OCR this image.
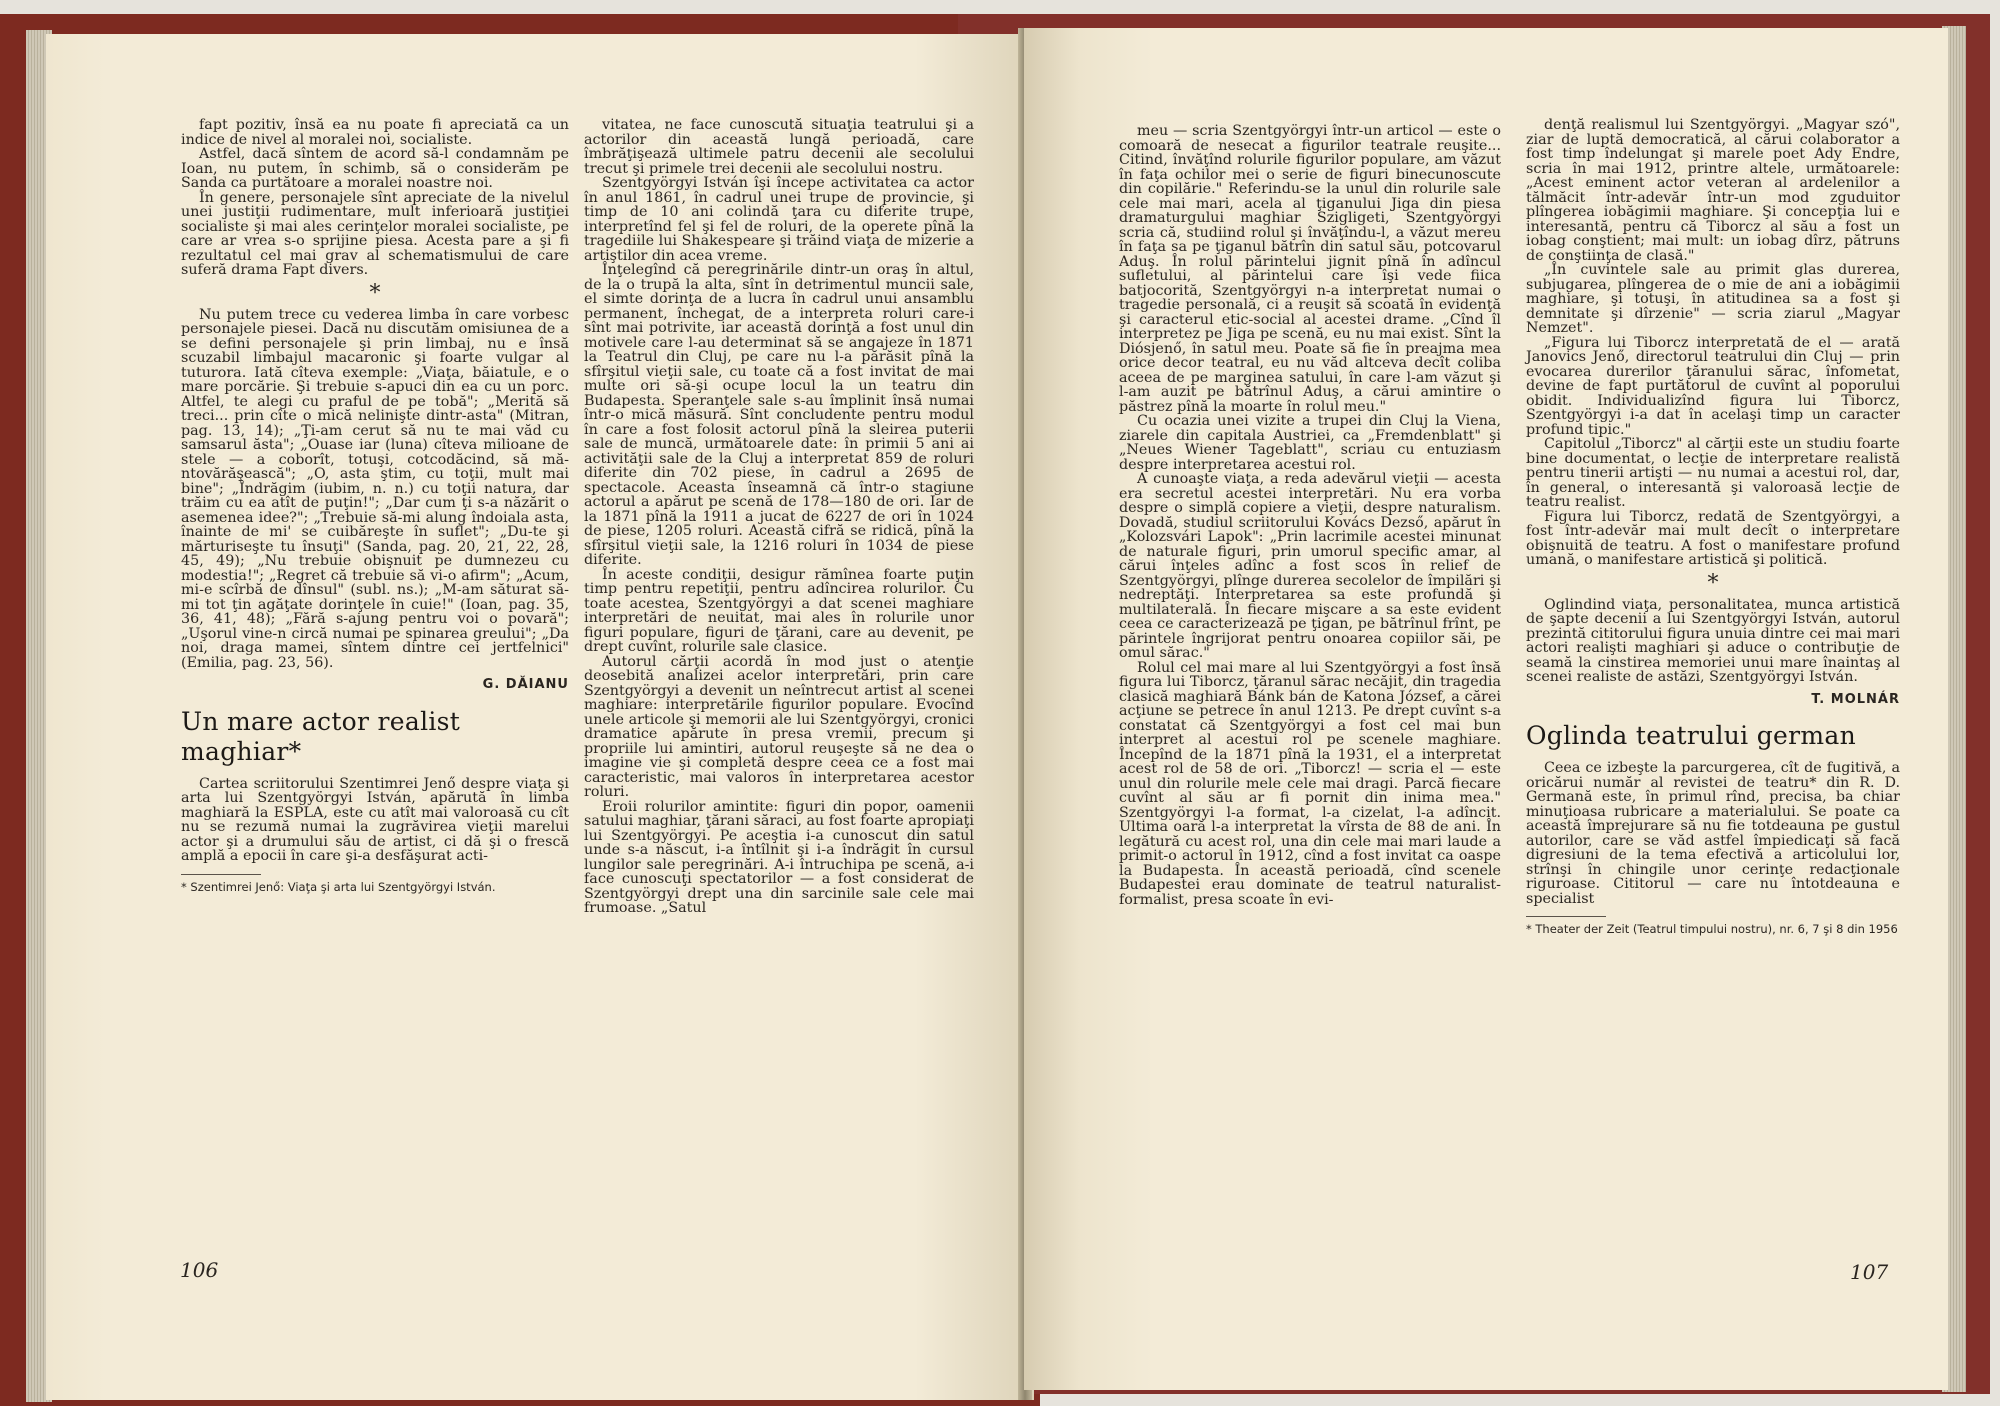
fapt pozitiv, însă ea nu poate fi apreciată ca un indice de nivel al moralei noi, socialiste.

Astfel, dacă sîntem de acord să-l condamnăm pe Ioan, nu putem, în schimb, să o considerăm pe Sanda ca purtătoare a moralei noastre noi.

În genere, personajele sînt apreciate de la nivelul unei justiţii rudimentare, mult inferioară justiţiei socialiste şi mai ales cerinţelor moralei socialiste, pe care ar vrea s-o sprijine piesa. Acesta pare a şi fi rezultatul cel mai grav al schematismului de care suferă drama Fapt divers.

*

Nu putem trece cu vederea limba în care vorbesc personajele piesei. Dacă nu discutăm omisiunea de a se defini personajele şi prin limbaj, nu e însă scuzabil limbajul macaronic şi foarte vulgar al tuturora. Iată cîteva exemple: „Viaţa, băiatule, e o mare porcărie. Şi trebuie s-apuci din ea cu un porc. Altfel, te alegi cu praful de pe tobă"; „Merită să treci... prin cîte o mică nelinişte dintr-asta" (Mitran, pag. 13, 14); „Ţi-am cerut să nu te mai văd cu samsarul ăsta"; „Ouase iar (luna) cîteva milioane de stele — a coborît, totuşi, cotcodăcind, să mă-ntovărăşească"; „O, asta ştim, cu toţii, mult mai bine"; „Îndrăgim (iubim, n. n.) cu toţii natura, dar trăim cu ea atît de puţin!"; „Dar cum ţi s-a năzărit o asemenea idee?"; „Trebuie să-mi alung îndoiala asta, înainte de mi' se cuibăreşte în suflet"; „Du-te şi mărturiseşte tu însuţi" (Sanda, pag. 20, 21, 22, 28, 45, 49); „Nu trebuie obişnuit pe dumnezeu cu modestia!"; „Regret că trebuie să vi-o afirm"; „Acum, mi-e scîrbă de dînsul" (subl. ns.); „M-am săturat să-mi tot ţin agăţate dorinţele în cuie!" (Ioan, pag. 35, 36, 41, 48); „Fără s-ajung pentru voi o povară"; „Uşorul vine-n circă numai pe spinarea greului"; „Da noi, draga mamei, sîntem dintre cei jertfelnici" (Emilia, pag. 23, 56).

G. DĂIANU
Un mare actor realist maghiar*

Cartea scriitorului Szentimrei Jenő despre viaţa şi arta lui Szentgyörgyi István, apărută în limba maghiară la ESPLA, este cu atît mai valoroasă cu cît nu se rezumă numai la zugrăvirea vieţii marelui actor şi a drumului său de artist, ci dă şi o frescă amplă a epocii în care şi-a desfăşurat acti-

* Szentimrei Jenő: Viaţa şi arta lui Szentgyörgyi István.

vitatea, ne face cunoscută situaţia teatrului şi a actorilor din această lungă perioadă, care îmbrăţişează ultimele patru decenii ale secolului trecut şi primele trei decenii ale secolului nostru.

Szentgyörgyi István îşi începe activitatea ca actor în anul 1861, în cadrul unei trupe de provincie, şi timp de 10 ani colindă ţara cu diferite trupe, interpretînd fel şi fel de roluri, de la operete pînă la tragediile lui Shakespeare şi trăind viaţa de mizerie a artiştilor din acea vreme.

Înţelegînd că peregrinările dintr-un oraş în altul, de la o trupă la alta, sînt în detrimentul muncii sale, el simte dorinţa de a lucra în cadrul unui ansamblu permanent, închegat, de a interpreta roluri care-i sînt mai potrivite, iar această dorinţă a fost unul din motivele care l-au determinat să se angajeze în 1871 la Teatrul din Cluj, pe care nu l-a părăsit pînă la sfîrşitul vieţii sale, cu toate că a fost invitat de mai multe ori să-şi ocupe locul la un teatru din Budapesta. Speranţele sale s-au împlinit însă numai într-o mică măsură. Sînt concludente pentru modul în care a fost folosit actorul pînă la sleirea puterii sale de muncă, următoarele date: în primii 5 ani ai activităţii sale de la Cluj a interpretat 859 de roluri diferite din 702 piese, în cadrul a 2695 de spectacole. Aceasta înseamnă că într-o stagiune actorul a apărut pe scenă de 178—180 de ori. Iar de la 1871 pînă la 1911 a jucat de 6227 de ori în 1024 de piese, 1205 roluri. Această cifră se ridică, pînă la sfîrşitul vieţii sale, la 1216 roluri în 1034 de piese diferite.

În aceste condiţii, desigur rămînea foarte puţin timp pentru repetiţii, pentru adîncirea rolurilor. Cu toate acestea, Szentgyörgyi a dat scenei maghiare interpretări de neuitat, mai ales în rolurile unor figuri populare, figuri de ţărani, care au devenit, pe drept cuvînt, rolurile sale clasice.

Autorul cărţii acordă în mod just o atenţie deosebită analizei acelor interpretări, prin care Szentgyörgyi a devenit un neîntrecut artist al scenei maghiare: interpretările figurilor populare. Evocînd unele articole şi memorii ale lui Szentgyörgyi, cronici dramatice apărute în presa vremii, precum şi propriile lui amintiri, autorul reuşeşte să ne dea o imagine vie şi completă despre ceea ce a fost mai caracteristic, mai valoros în interpretarea acestor roluri.

Eroii rolurilor amintite: figuri din popor, oamenii satului maghiar, ţărani săraci, au fost foarte apropiaţi lui Szentgyörgyi. Pe aceştia i-a cunoscut din satul unde s-a născut, i-a întîlnit şi i-a îndrăgit în cursul lungilor sale peregrinări. A-i întruchipa pe scenă, a-i face cunoscuţi spectatorilor — a fost considerat de Szentgyörgyi drept una din sarcinile sale cele mai frumoase. „Satul

106

meu — scria Szentgyörgyi într-un articol — este o comoară de nesecat a figurilor teatrale reuşite... Citind, învăţînd rolurile figurilor populare, am văzut în faţa ochilor mei o serie de figuri binecunoscute din copilărie." Referindu-se la unul din rolurile sale cele mai mari, acela al ţiganului Jiga din piesa dramaturgului maghiar Szigligeti, Szentgyörgyi scria că, studiind rolul şi învăţîndu-l, a văzut mereu în faţa sa pe ţiganul bătrîn din satul său, potcovarul Aduş. În rolul părintelui jignit pînă în adîncul sufletului, al părintelui care îşi vede fiica batjocorită, Szentgyörgyi n-a interpretat numai o tragedie personală, ci a reuşit să scoată în evidenţă şi caracterul etic-social al acestei drame. „Cînd îl interpretez pe Jiga pe scenă, eu nu mai exist. Sînt la Diósjenő, în satul meu. Poate să fie în preajma mea orice decor teatral, eu nu văd altceva decît coliba aceea de pe marginea satului, în care l-am văzut şi l-am auzit pe bătrînul Aduş, a cărui amintire o păstrez pînă la moarte în rolul meu."

Cu ocazia unei vizite a trupei din Cluj la Viena, ziarele din capitala Austriei, ca „Fremdenblatt" şi „Neues Wiener Tageblatt", scriau cu entuziasm despre interpretarea acestui rol.

A cunoaşte viaţa, a reda adevărul vieţii — acesta era secretul acestei interpretări. Nu era vorba despre o simplă copiere a vieţii, despre naturalism. Dovadă, studiul scriitorului Kovács Dezső, apărut în „Kolozsvári Lapok": „Prin lacrimile acestei minunat de naturale figuri, prin umorul specific amar, al cărui înţeles adînc a fost scos în relief de Szentgyörgyi, plînge durerea secolelor de împilări şi nedreptăţi. Interpretarea sa este profundă şi multilaterală. În fiecare mişcare a sa este evident ceea ce caracterizează pe ţigan, pe bătrînul frînt, pe părintele îngrijorat pentru onoarea copiilor săi, pe omul sărac."

Rolul cel mai mare al lui Szentgyörgyi a fost însă figura lui Tiborcz, ţăranul sărac necăjit, din tragedia clasică maghiară Bánk bán de Katona József, a cărei acţiune se petrece în anul 1213. Pe drept cuvînt s-a constatat că Szentgyörgyi a fost cel mai bun interpret al acestui rol pe scenele maghiare. Începînd de la 1871 pînă la 1931, el a interpretat acest rol de 58 de ori. „Tiborcz! — scria el — este unul din rolurile mele cele mai dragi. Parcă fiecare cuvînt al său ar fi pornit din inima mea." Szentgyörgyi l-a format, l-a cizelat, l-a adîncit. Ultima oară l-a interpretat la vîrsta de 88 de ani. În legătură cu acest rol, una din cele mai mari laude a primit-o actorul în 1912, cînd a fost invitat ca oaspe la Budapesta. În această perioadă, cînd scenele Budapestei erau dominate de teatrul naturalist-formalist, presa scoate în evi-

denţă realismul lui Szentgyörgyi. „Magyar szó", ziar de luptă democratică, al cărui colaborator a fost timp îndelungat şi marele poet Ady Endre, scria în mai 1912, printre altele, următoarele: „Acest eminent actor veteran al ardelenilor a tălmăcit într-adevăr într-un mod zguduitor plîngerea iobăgimii maghiare. Şi concepţia lui e interesantă, pentru că Tiborcz al său a fost un iobag conştient; mai mult: un iobag dîrz, pătruns de conştiinţa de clasă."

„În cuvintele sale au primit glas durerea, subjugarea, plîngerea de o mie de ani a iobăgimii maghiare, şi totuşi, în atitudinea sa a fost şi demnitate şi dîrzenie" — scria ziarul „Magyar Nemzet".

„Figura lui Tiborcz interpretată de el — arată Janovics Jenő, directorul teatrului din Cluj — prin evocarea durerilor ţăranului sărac, înfometat, devine de fapt purtătorul de cuvînt al poporului obidit. Individualizînd figura lui Tiborcz, Szentgyörgyi i-a dat în acelaşi timp un caracter profund tipic."

Capitolul „Tiborcz" al cărţii este un studiu foarte bine documentat, o lecţie de interpretare realistă pentru tinerii artişti — nu numai a acestui rol, dar, în general, o interesantă şi valoroasă lecţie de teatru realist.

Figura lui Tiborcz, redată de Szentgyörgyi, a fost într-adevăr mai mult decît o interpretare obişnuită de teatru. A fost o manifestare profund umană, o manifestare artistică şi politică.

*

Oglindind viaţa, personalitatea, munca artistică de şapte decenii a lui Szentgyörgyi István, autorul prezintă cititorului figura unuia dintre cei mai mari actori realişti maghiari şi aduce o contribuţie de seamă la cinstirea memoriei unui mare înaintaş al scenei realiste de astăzi, Szentgyörgyi István.

T. MOLNÁR
Oglinda teatrului german

Ceea ce izbeşte la parcurgerea, cît de fugitivă, a oricărui număr al revistei de teatru* din R. D. Germană este, în primul rînd, precisa, ba chiar minuţioasa rubricare a materialului. Se poate ca această împrejurare să nu fie totdeauna pe gustul autorilor, care se văd astfel împiedicaţi să facă digresiuni de la tema efectivă a articolului lor, strînşi în chingile unor cerinţe redacţionale riguroase. Cititorul — care nu întotdeauna e specialist

* Theater der Zeit (Teatrul timpului nostru), nr. 6, 7 şi 8 din 1956
107
